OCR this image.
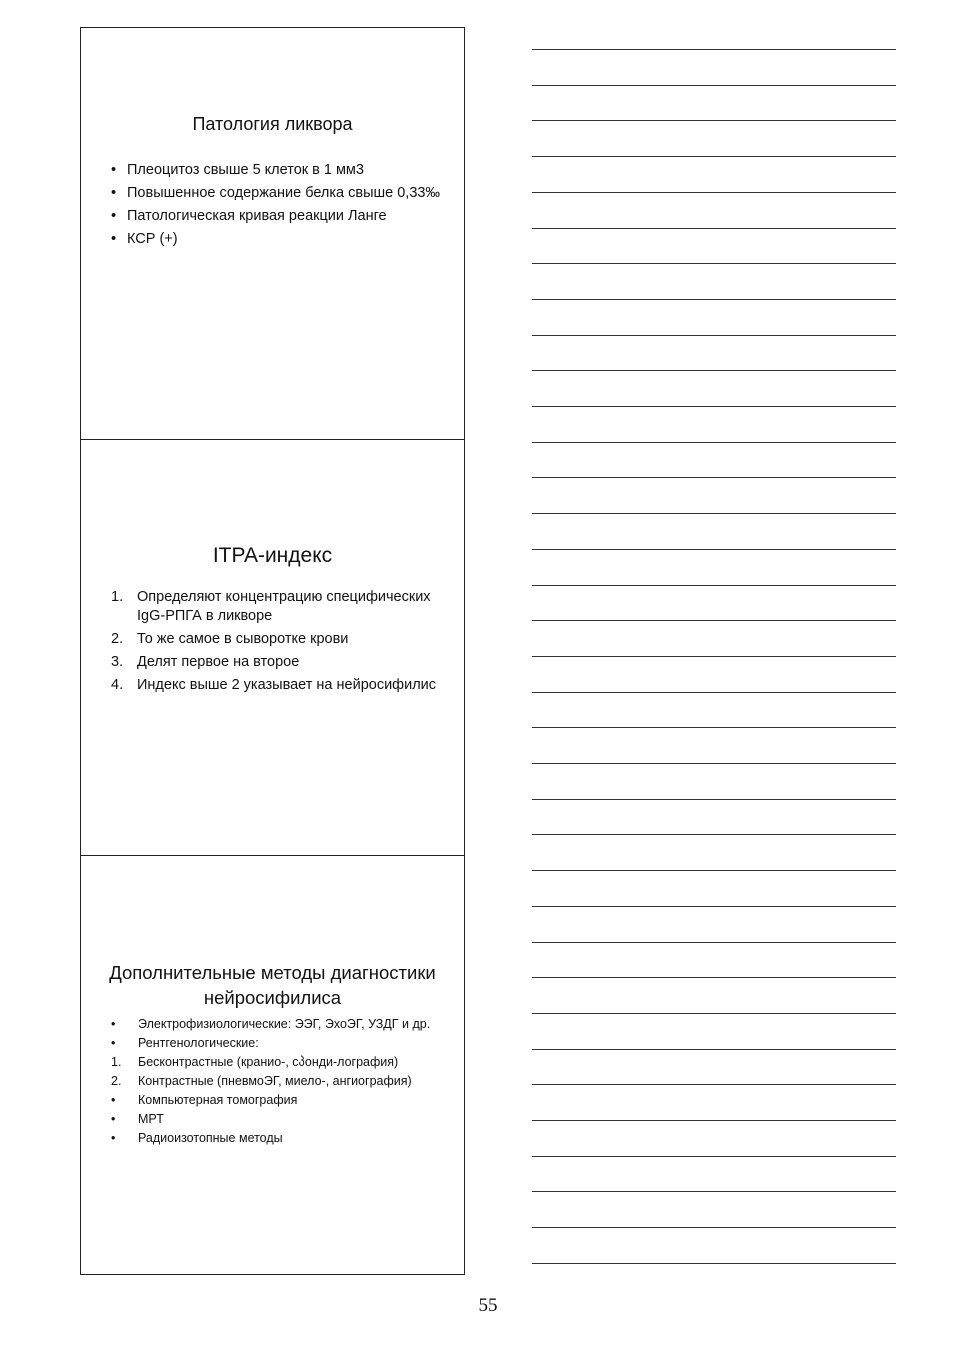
Патология ликвора
• Плеоцитоз свыше 5 клеток в 1 мм3
• Повышенное содержание белка свыше 0,33‰
• Патологическая кривая реакции Ланге
• КСР (+)
ITPA-индекс
1. Определяют концентрацию специфических IgG-РПГА в ликворе
2. То же самое в сыворотке крови
3. Делят первое на второе
4. Индекс выше 2 указывает на нейросифилис
Дополнительные методы диагностики нейросифилиса
• Электрофизиологические: ЭЭГ, ЭхоЭГ, УЗДГ и др.
• Рентгенологические:
1. Бесконтрастные (кранио-, сპонди-лография)
2. Контрастные (пневмоЭГ, миело-, ангиография)
• Компьютерная томография
• МРТ
• Радиоизотопные методы
55
